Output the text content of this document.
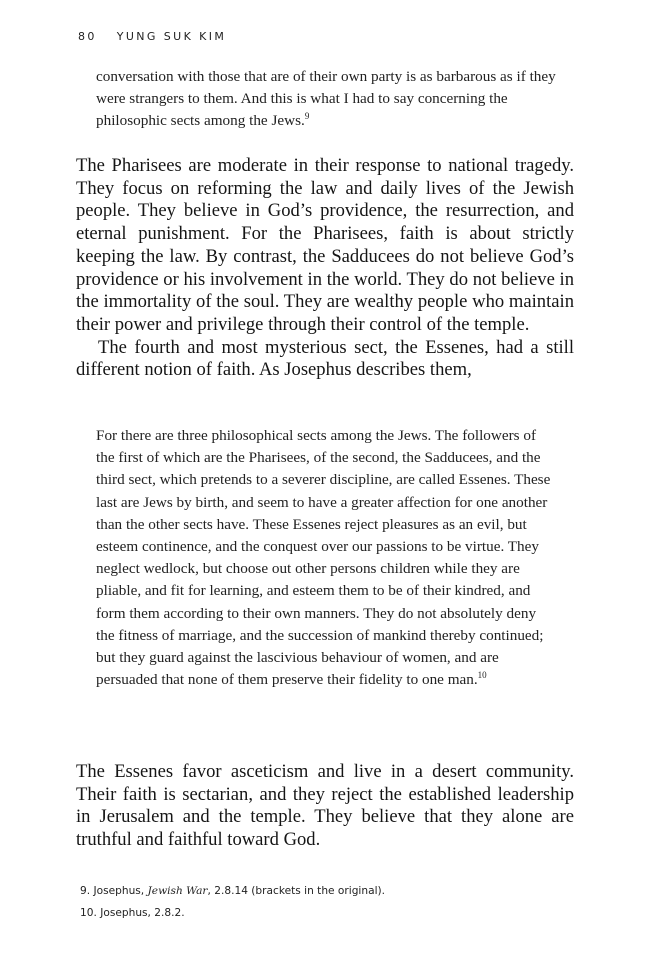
80 YUNG SUK KIM

conversation with those that are of their own party is as barbarous as if they were strangers to them. And this is what I had to say concerning the philosophic sects among the Jews.$^9$

The Pharisees are moderate in their response to national tragedy. They focus on reforming the law and daily lives of the Jewish people. They believe in God’s providence, the resurrection, and eternal punishment. For the Pharisees, faith is about strictly keeping the law. By contrast, the Sadducees do not believe God’s providence or his involvement in the world. They do not believe in the immortality of the soul. They are wealthy people who maintain their power and privilege through their control of the temple.

The fourth and most mysterious sect, the Essenes, had a still different notion of faith. As Josephus describes them,

For there are three philosophical sects among the Jews. The followers of the first of which are the Pharisees, of the second, the Sadducees, and the third sect, which pretends to a severer discipline, are called Essenes. These last are Jews by birth, and seem to have a greater affection for one another than the other sects have. These Essenes reject pleasures as an evil, but esteem continence, and the conquest over our passions to be virtue. They neglect wedlock, but choose out other persons children while they are pliable, and fit for learning, and esteem them to be of their kindred, and form them according to their own manners. They do not absolutely deny the fitness of marriage, and the succession of mankind thereby continued; but they guard against the lascivious behaviour of women, and are persuaded that none of them preserve their fidelity to one man.$^{10}$

The Essenes favor asceticism and live in a desert community. Their faith is sectarian, and they reject the established leadership in Jerusalem and the temple. They believe that they alone are truthful and faithful toward God.

9. Josephus, Jewish War, 2.8.14 (brackets in the original).
10. Josephus, 2.8.2.
